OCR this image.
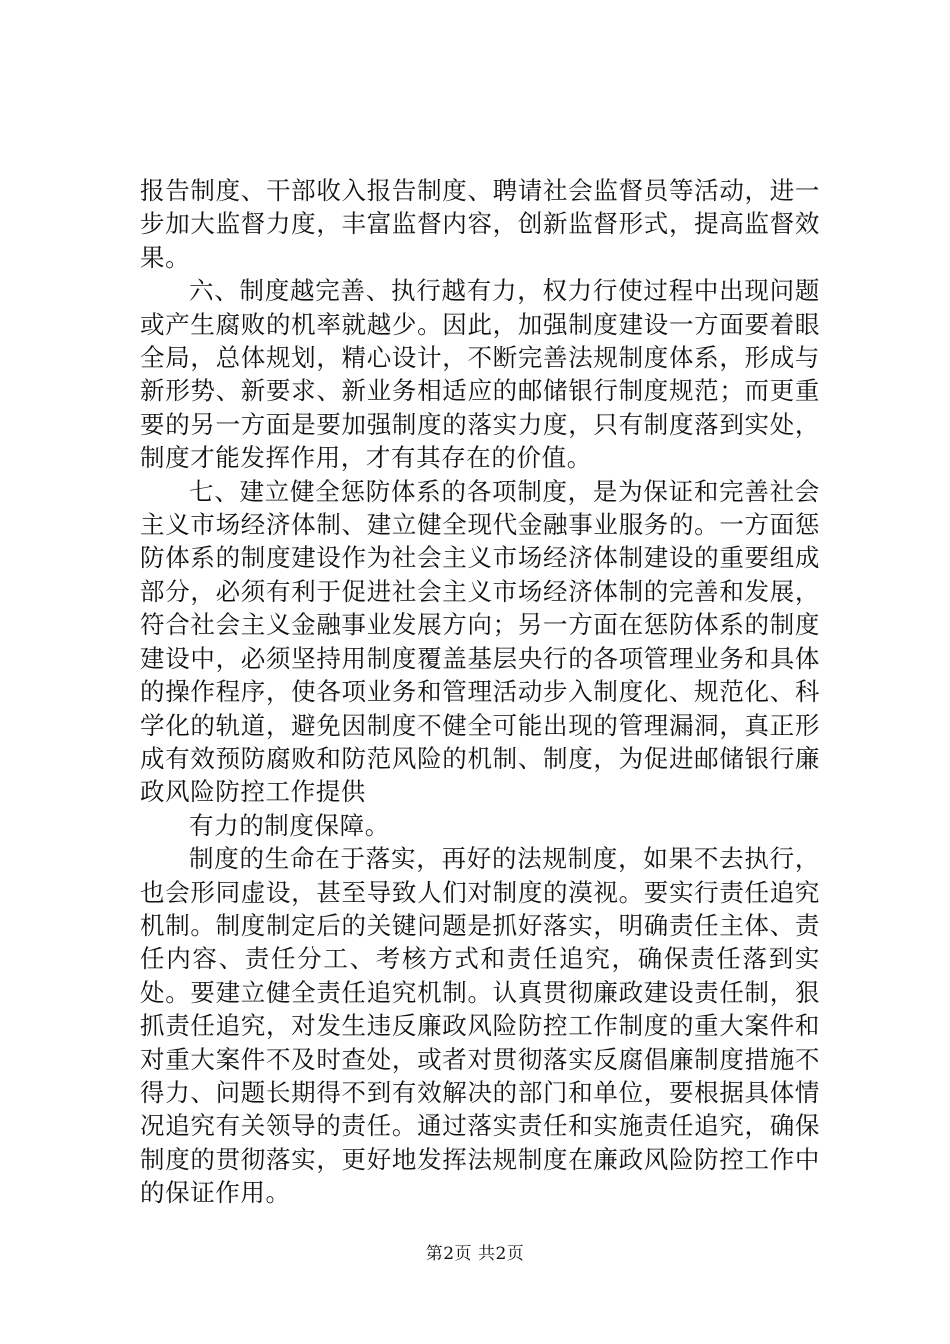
报告制度、干部收入报告制度、聘请社会监督员等活动，进一步加大监督力度，丰富监督内容，创新监督形式，提高监督效果。

六、制度越完善、执行越有力，权力行使过程中出现问题或产生腐败的机率就越少。因此，加强制度建设一方面要着眼全局，总体规划，精心设计，不断完善法规制度体系，形成与新形势、新要求、新业务相适应的邮储银行制度规范；而更重要的另一方面是要加强制度的落实力度，只有制度落到实处，制度才能发挥作用，才有其存在的价值。

七、建立健全惩防体系的各项制度，是为保证和完善社会主义市场经济体制、建立健全现代金融事业服务的。一方面惩防体系的制度建设作为社会主义市场经济体制建设的重要组成部分，必须有利于促进社会主义市场经济体制的完善和发展，符合社会主义金融事业发展方向；另一方面在惩防体系的制度建设中，必须坚持用制度覆盖基层央行的各项管理业务和具体的操作程序，使各项业务和管理活动步入制度化、规范化、科学化的轨道，避免因制度不健全可能出现的管理漏洞，真正形成有效预防腐败和防范风险的机制、制度，为促进邮储银行廉政风险防控工作提供

有力的制度保障。

制度的生命在于落实，再好的法规制度，如果不去执行，也会形同虚设，甚至导致人们对制度的漠视。要实行责任追究机制。制度制定后的关键问题是抓好落实，明确责任主体、责任内容、责任分工、考核方式和责任追究，确保责任落到实处。要建立健全责任追究机制。认真贯彻廉政建设责任制，狠抓责任追究，对发生违反廉政风险防控工作制度的重大案件和对重大案件不及时查处，或者对贯彻落实反腐倡廉制度措施不得力、问题长期得不到有效解决的部门和单位，要根据具体情况追究有关领导的责任。通过落实责任和实施责任追究，确保制度的贯彻落实，更好地发挥法规制度在廉政风险防控工作中的保证作用。

第2页 共2页
